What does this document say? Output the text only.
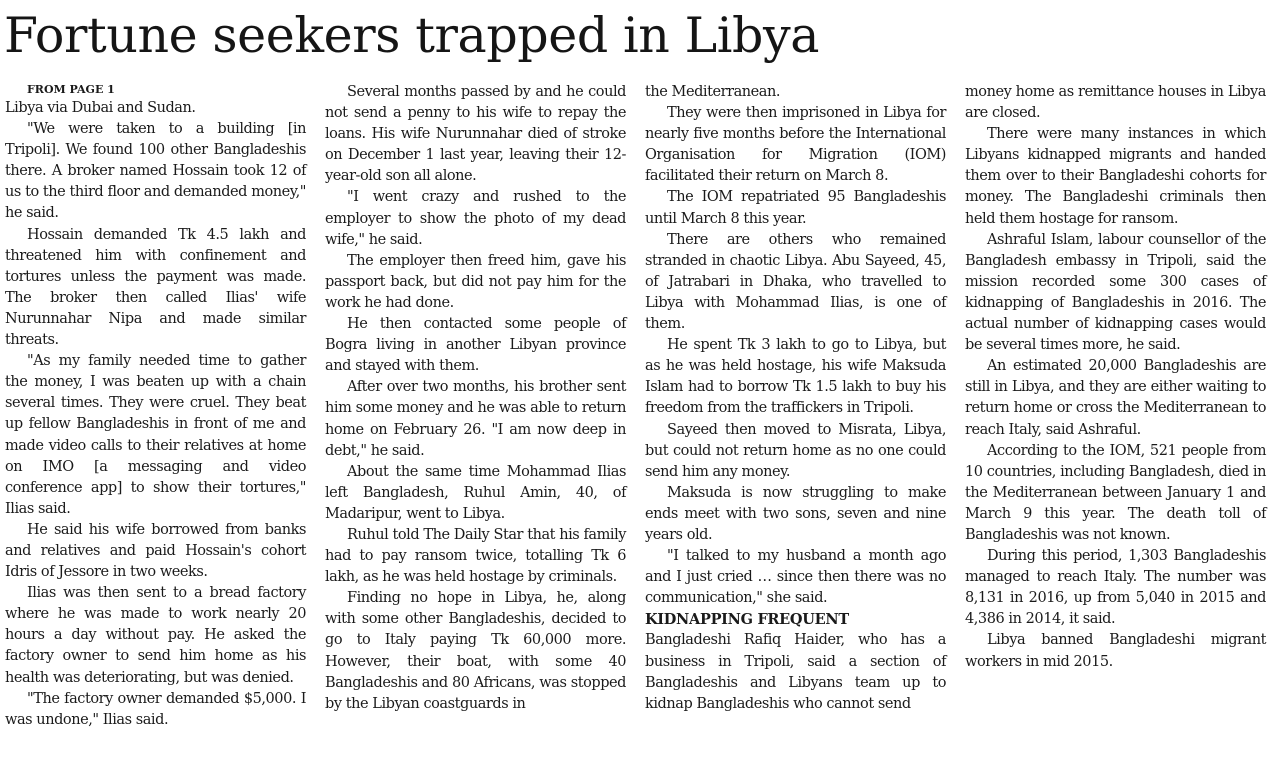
Fortune seekers trapped in Libya

FROM PAGE 1

Libya via Dubai and Sudan.

"We were taken to a building [in Tripoli]. We found 100 other Bangladeshis there. A broker named Hossain took 12 of us to the third floor and demanded money," he said.

Hossain demanded Tk 4.5 lakh and threatened him with confinement and tortures unless the payment was made. The broker then called Ilias' wife Nurunnahar Nipa and made similar threats.

"As my family needed time to gather the money, I was beaten up with a chain several times. They were cruel. They beat up fellow Bangladeshis in front of me and made video calls to their relatives at home on IMO [a messaging and video conference app] to show their tortures," Ilias said.

He said his wife borrowed from banks and relatives and paid Hossain's cohort Idris of Jessore in two weeks.

Ilias was then sent to a bread factory where he was made to work nearly 20 hours a day without pay. He asked the factory owner to send him home as his health was deteriorating, but was denied.

"The factory owner demanded $5,000. I was undone," Ilias said.

Several months passed by and he could not send a penny to his wife to repay the loans. His wife Nurunnahar died of stroke on December 1 last year, leaving their 12-year-old son all alone.

"I went crazy and rushed to the employer to show the photo of my dead wife," he said.

The employer then freed him, gave his passport back, but did not pay him for the work he had done.

He then contacted some people of Bogra living in another Libyan province and stayed with them.

After over two months, his brother sent him some money and he was able to return home on February 26. "I am now deep in debt," he said.

About the same time Mohammad Ilias left Bangladesh, Ruhul Amin, 40, of Madaripur, went to Libya.

Ruhul told The Daily Star that his family had to pay ransom twice, totalling Tk 6 lakh, as he was held hostage by criminals.

Finding no hope in Libya, he, along with some other Bangladeshis, decided to go to Italy paying Tk 60,000 more. However, their boat, with some 40 Bangladeshis and 80 Africans, was stopped by the Libyan coastguards in

the Mediterranean.

They were then imprisoned in Libya for nearly five months before the International Organisation for Migration (IOM) facilitated their return on March 8.

The IOM repatriated 95 Bangladeshis until March 8 this year.

There are others who remained stranded in chaotic Libya. Abu Sayeed, 45, of Jatrabari in Dhaka, who travelled to Libya with Mohammad Ilias, is one of them.

He spent Tk 3 lakh to go to Libya, but as he was held hostage, his wife Maksuda Islam had to borrow Tk 1.5 lakh to buy his freedom from the traffickers in Tripoli.

Sayeed then moved to Misrata, Libya, but could not return home as no one could send him any money.

Maksuda is now struggling to make ends meet with two sons, seven and nine years old.

"I talked to my husband a month ago and I just cried … since then there was no communication," she said.

KIDNAPPING FREQUENT

Bangladeshi Rafiq Haider, who has a business in Tripoli, said a section of Bangladeshis and Libyans team up to kidnap Bangladeshis who cannot send

money home as remittance houses in Libya are closed.

There were many instances in which Libyans kidnapped migrants and handed them over to their Bangladeshi cohorts for money. The Bangladeshi criminals then held them hostage for ransom.

Ashraful Islam, labour counsellor of the Bangladesh embassy in Tripoli, said the mission recorded some 300 cases of kidnapping of Bangladeshis in 2016. The actual number of kidnapping cases would be several times more, he said.

An estimated 20,000 Bangladeshis are still in Libya, and they are either waiting to return home or cross the Mediterranean to reach Italy, said Ashraful.

According to the IOM, 521 people from 10 countries, including Bangladesh, died in the Mediterranean between January 1 and March 9 this year. The death toll of Bangladeshis was not known.

During this period, 1,303 Bangladeshis managed to reach Italy. The number was 8,131 in 2016, up from 5,040 in 2015 and 4,386 in 2014, it said.

Libya banned Bangladeshi migrant workers in mid 2015.
